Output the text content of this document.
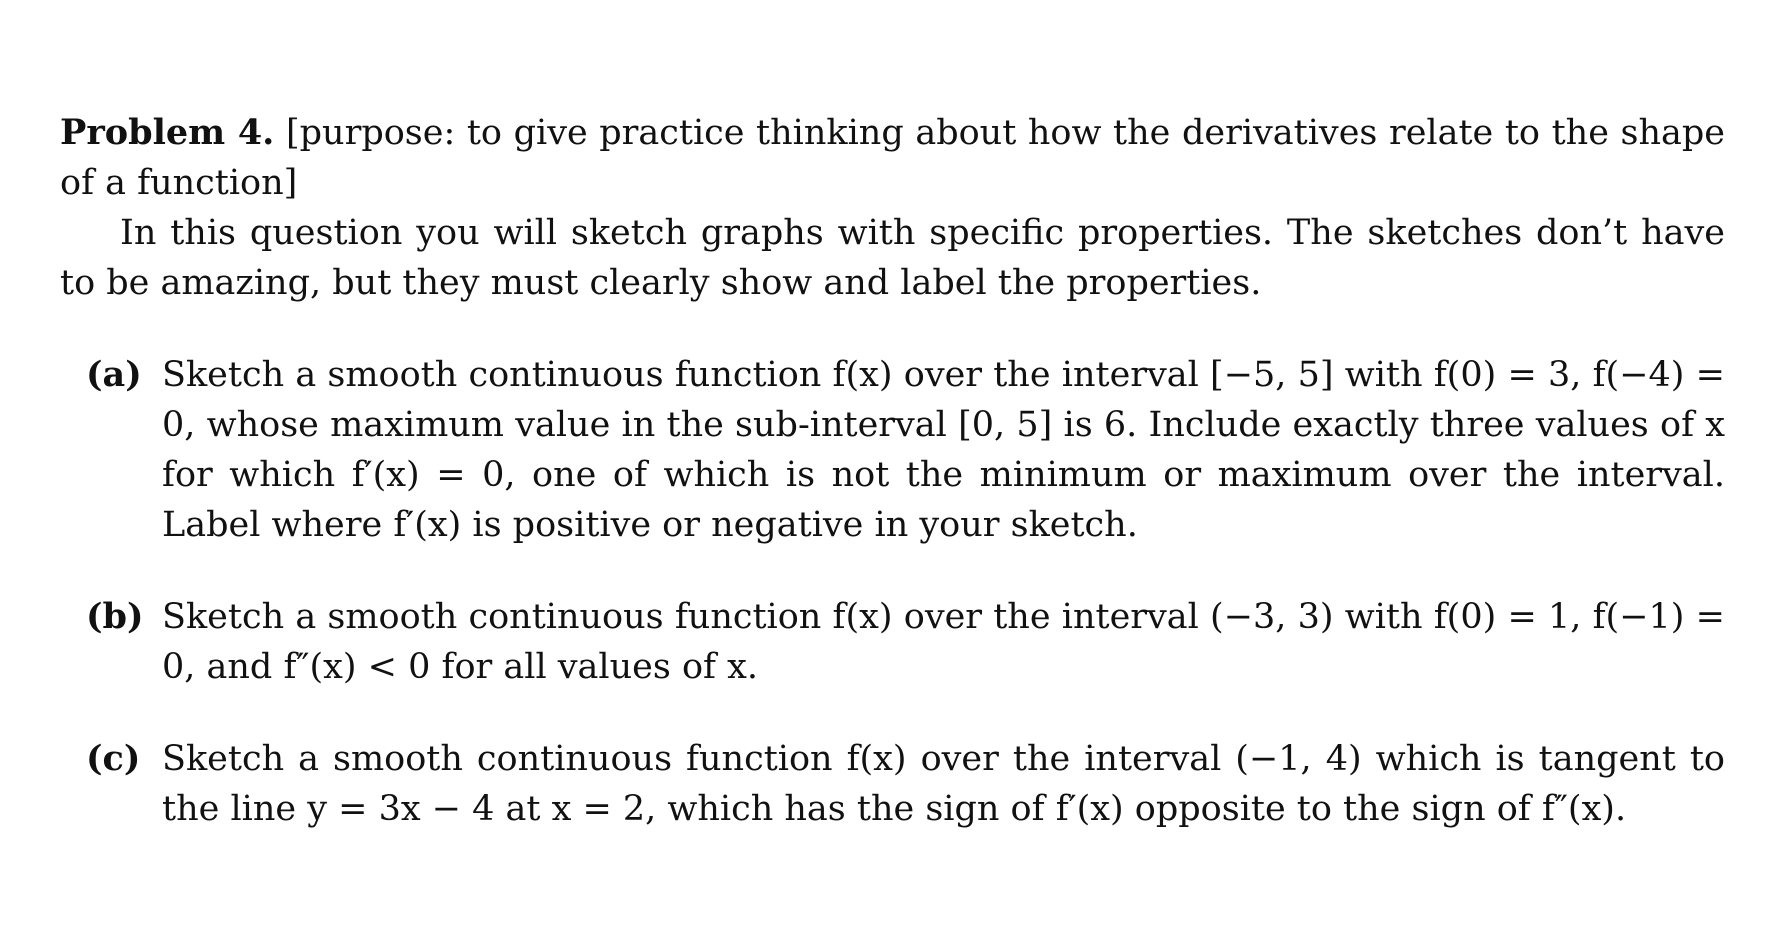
Problem 4. [purpose: to give practice thinking about how the derivatives relate to the shape of a function]

In this question you will sketch graphs with specific properties. The sketches don’t have to be amazing, but they must clearly show and label the properties.

(a) Sketch a smooth continuous function f(x) over the interval [−5, 5] with f(0) = 3, f(−4) = 0, whose maximum value in the sub-interval [0, 5] is 6. Include exactly three values of x for which f′(x) = 0, one of which is not the minimum or maximum over the interval. Label where f′(x) is positive or negative in your sketch.
(b) Sketch a smooth continuous function f(x) over the interval (−3, 3) with f(0) = 1, f(−1) = 0, and f″(x) < 0 for all values of x.
(c) Sketch a smooth continuous function f(x) over the interval (−1, 4) which is tangent to the line y = 3x − 4 at x = 2, which has the sign of f′(x) opposite to the sign of f″(x).
